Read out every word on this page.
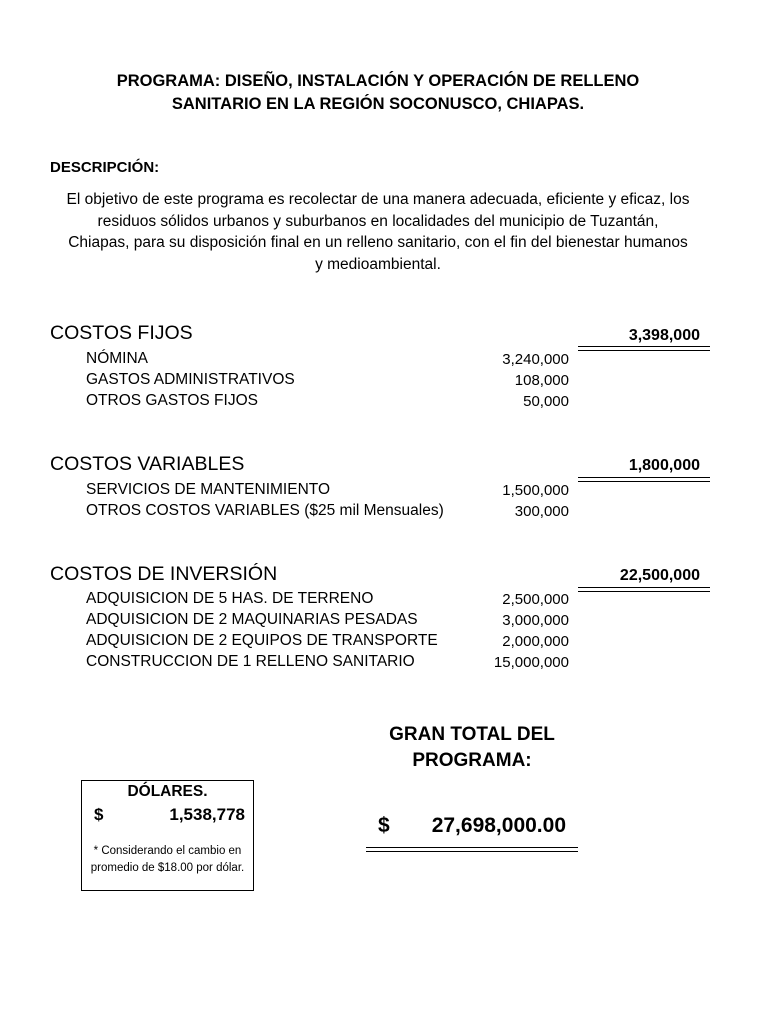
PROGRAMA: DISEÑO, INSTALACIÓN Y OPERACIÓN DE RELLENO
SANITARIO EN LA REGIÓN SOCONUSCO, CHIAPAS.
DESCRIPCIÓN:
El objetivo de este programa es recolectar de una manera adecuada, eficiente y eficaz, los
residuos sólidos urbanos y suburbanos en localidades del municipio de Tuzantán,
Chiapas, para su disposición final en un relleno sanitario, con el fin del bienestar humanos
y medioambiental.
COSTOS FIJOS	3,398,000
NÓMINA	3,240,000
GASTOS ADMINISTRATIVOS	108,000
OTROS GASTOS FIJOS	50,000
COSTOS VARIABLES	1,800,000
SERVICIOS DE MANTENIMIENTO	1,500,000
OTROS COSTOS VARIABLES ($25 mil Mensuales)	300,000
COSTOS DE INVERSIÓN	22,500,000
ADQUISICION DE 5 HAS. DE TERRENO	2,500,000
ADQUISICION DE 2 MAQUINARIAS PESADAS	3,000,000
ADQUISICION DE 2 EQUIPOS DE TRANSPORTE	2,000,000
CONSTRUCCION DE 1 RELLENO SANITARIO	15,000,000
GRAN TOTAL DEL
PROGRAMA:
$ 27,698,000.00
DÓLARES.
$	1,538,778
* Considerando el cambio en
promedio de $18.00 por dólar.
